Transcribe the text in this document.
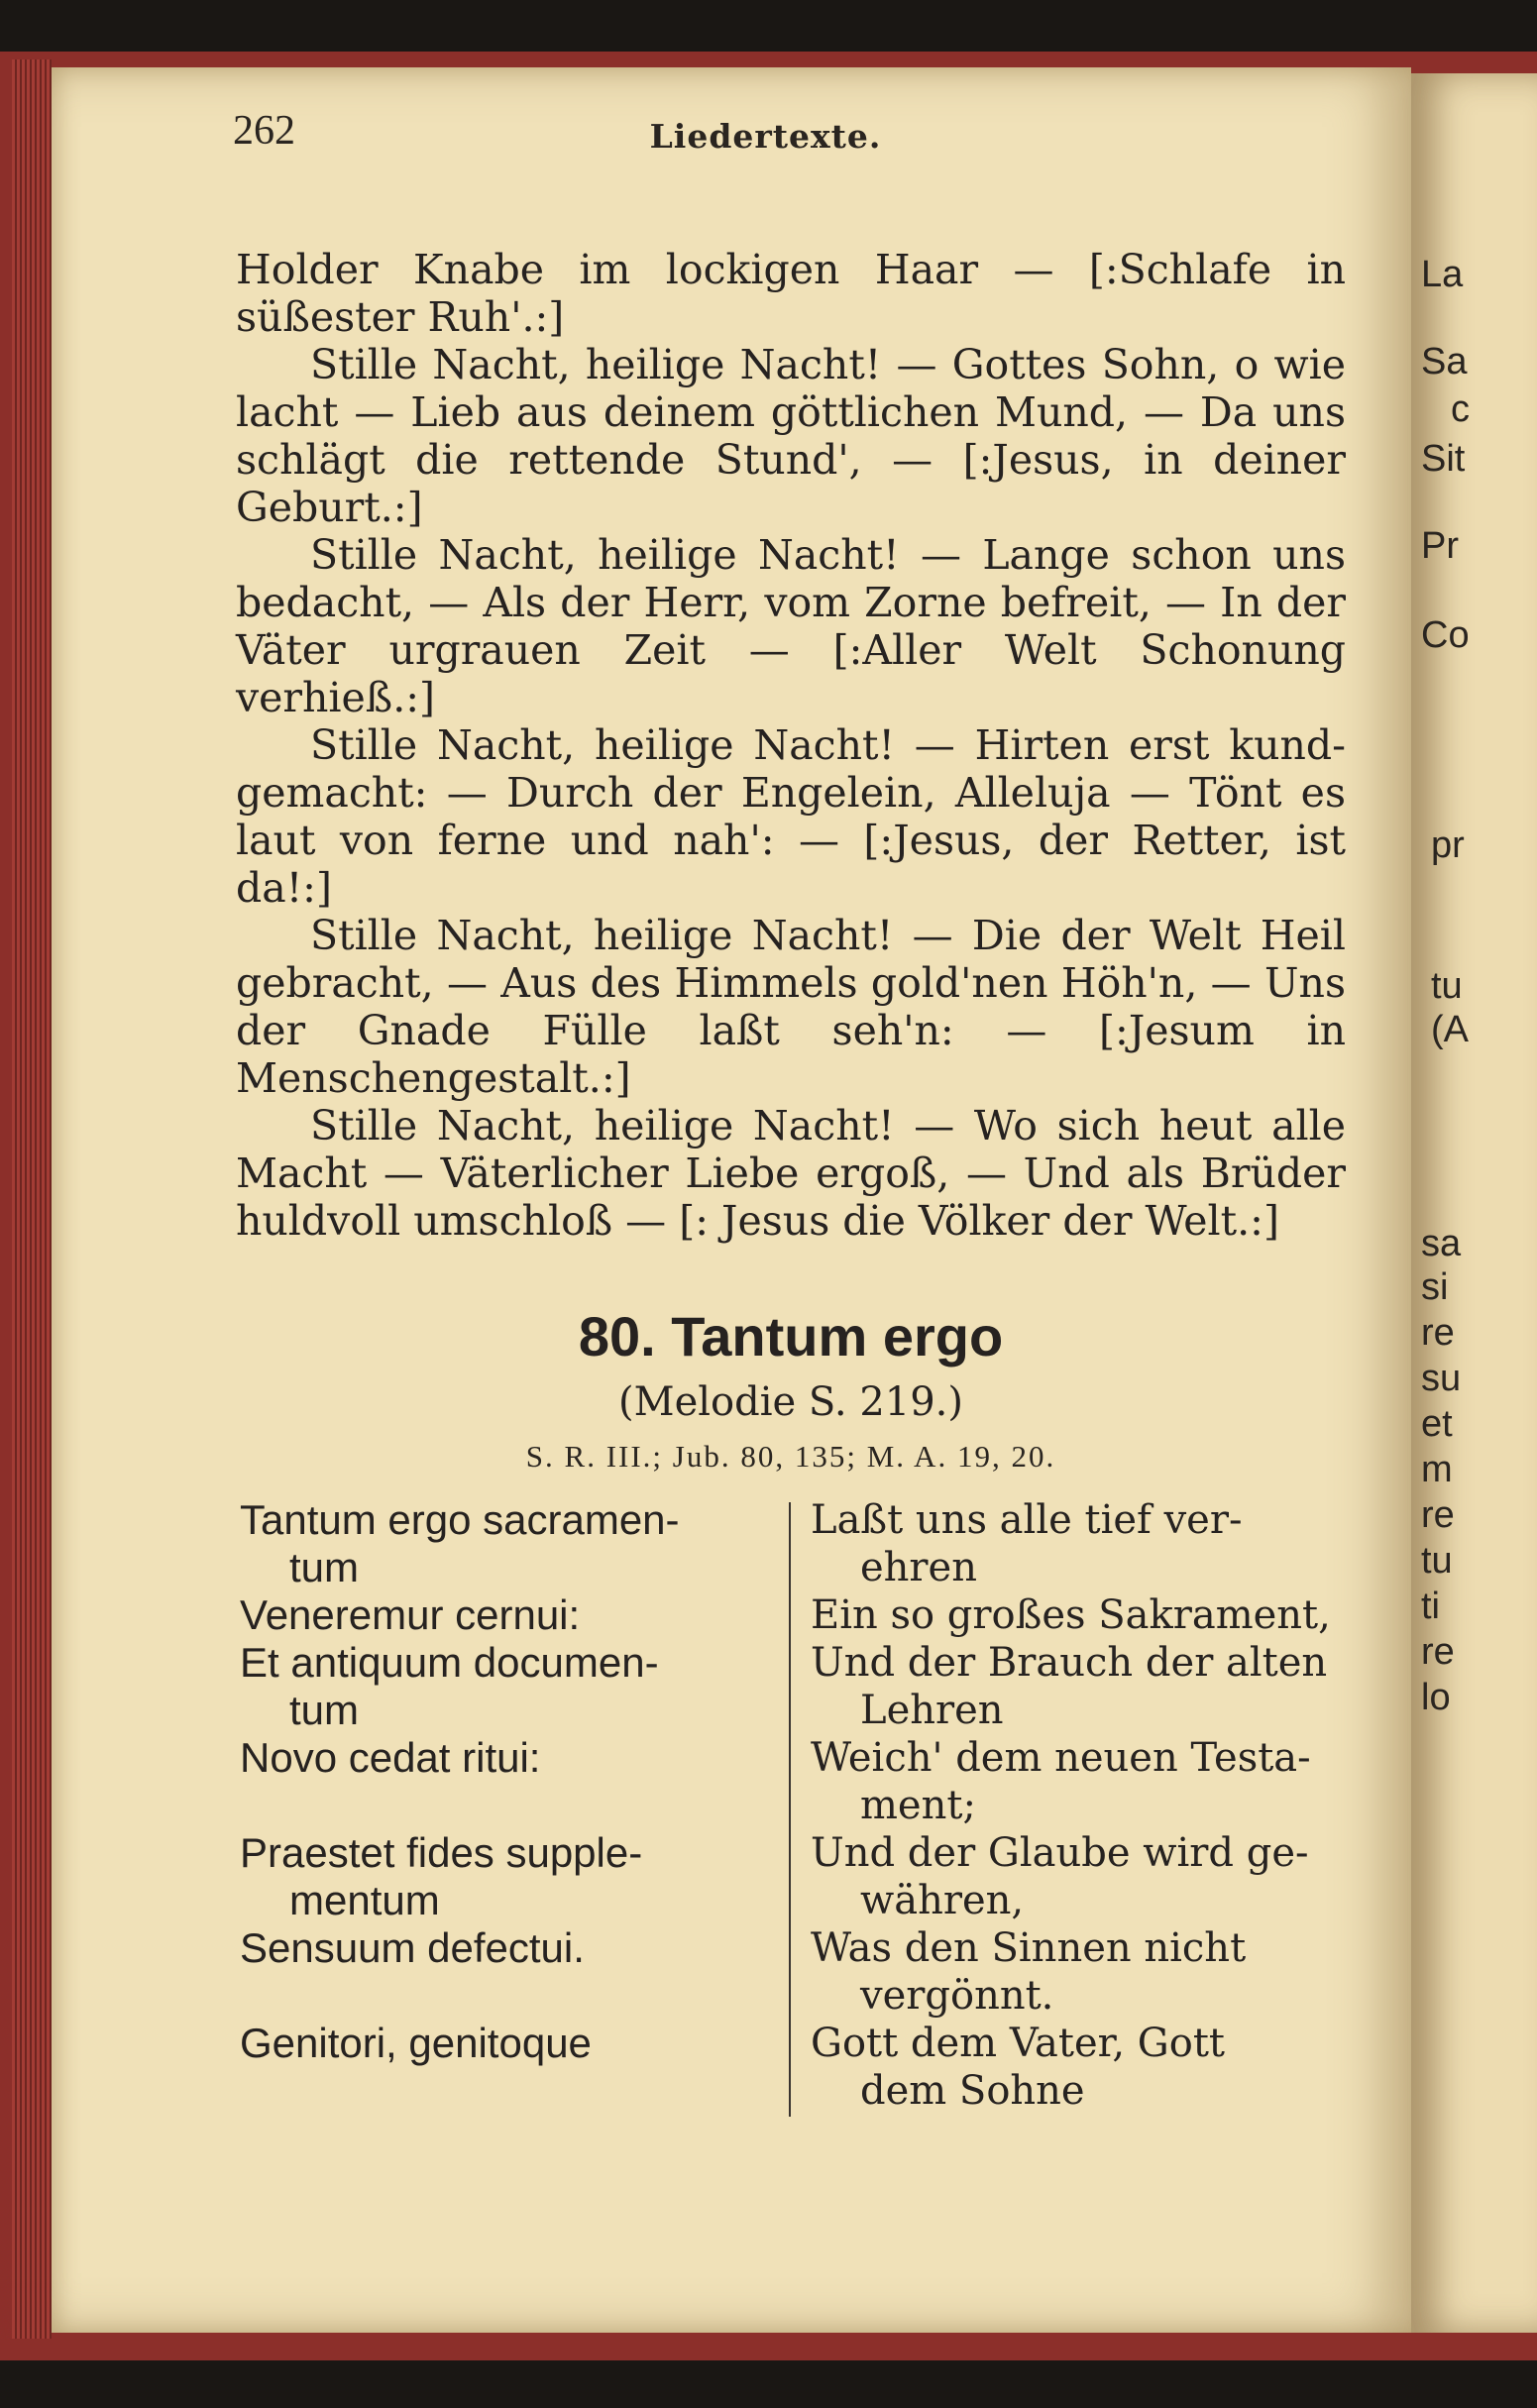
La
Sa
c
Sit
Pr
Co
pr
tu
(A
sa
si
re
su
et
m
re
tu
ti
re
lo
262	Liedertexte.

Holder Knabe im lockigen Haar — [:Schlafe in süßester Ruh'.:]

Stille Nacht, heilige Nacht! — Gottes Sohn, o wie lacht — Lieb aus deinem göttlichen Mund, — Da uns schlägt die rettende Stund', — [:Jesus, in deiner Geburt.:]

Stille Nacht, heilige Nacht! — Lange schon uns bedacht, — Als der Herr, vom Zorne befreit, — In der Väter urgrauen Zeit — [:Aller Welt Schonung verhieß.:]

Stille Nacht, heilige Nacht! — Hirten erst kund-gemacht: — Durch der Engelein, Alleluja — Tönt es laut von ferne und nah': — [:Jesus, der Retter, ist da!:]

Stille Nacht, heilige Nacht! — Die der Welt Heil gebracht, — Aus des Himmels gold'nen Höh'n, — Uns der Gnade Fülle laßt seh'n: — [:Jesum in Menschengestalt.:]

Stille Nacht, heilige Nacht! — Wo sich heut alle Macht — Väterlicher Liebe ergoß, — Und als Brüder huldvoll umschloß — [: Jesus die Völker der Welt.:]

80. Tantum ergo
(Melodie S. 219.)
S. R. III.; Jub. 80, 135; M. A. 19, 20.
Tantum ergo sacramen-
tum
Veneremur cernui:
Et antiquum documen-
tum
Novo cedat ritui:
Praestet fides supple-
mentum
Sensuum defectui.
Genitori, genitoque
Laßt uns alle tief ver-
ehren
Ein so großes Sakrament,
Und der Brauch der alten
Lehren
Weich' dem neuen Testa-
ment;
Und der Glaube wird ge-
währen,
Was den Sinnen nicht
vergönnt.
Gott dem Vater, Gott
dem Sohne
